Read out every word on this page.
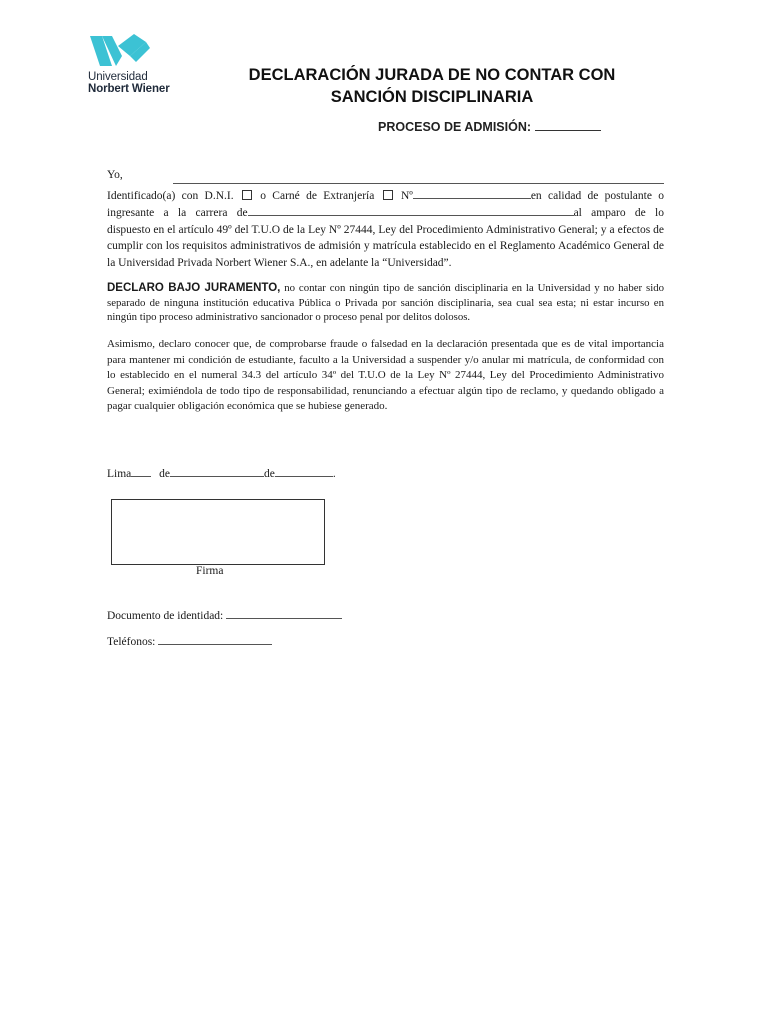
Universidad
Norbert Wiener
DECLARACIÓN JURADA DE NO CONTAR CON
SANCIÓN DISCIPLINARIA
PROCESO DE ADMISIÓN:
Yo,
Identificado(a) con D.N.I. o Carné de Extranjería Nº	en calidad de postulante o
ingresante a la carrera de	al amparo de lo
dispuesto en el artículo 49º del T.U.O de la Ley Nº 27444, Ley del Procedimiento Administrativo General; y a efectos de cumplir con los requisitos administrativos de admisión y matrícula establecido en el Reglamento Académico General de la Universidad Privada Norbert Wiener S.A., en adelante la “Universidad”.
DECLARO BAJO JURAMENTO, no contar con ningún tipo de sanción disciplinaria en la Universidad y no haber sido separado de ninguna institución educativa Pública o Privada por sanción disciplinaria, sea cual sea esta; ni estar incurso en ningún tipo proceso administrativo sancionador o proceso penal por delitos dolosos.
Asimismo, declaro conocer que, de comprobarse fraude o falsedad en la declaración presentada que es de vital importancia para mantener mi condición de estudiante, faculto a la Universidad a suspender y/o anular mi matrícula, de conformidad con lo establecido en el numeral 34.3 del artículo 34º del T.U.O de la Ley Nº 27444, Ley del Procedimiento Administrativo General; eximiéndola de todo tipo de responsabilidad, renunciando a efectuar algún tipo de reclamo, y quedando obligado a pagar cualquier obligación económica que se hubiese generado.
Lima de	de	.
Firma
Documento de identidad:
Teléfonos:
